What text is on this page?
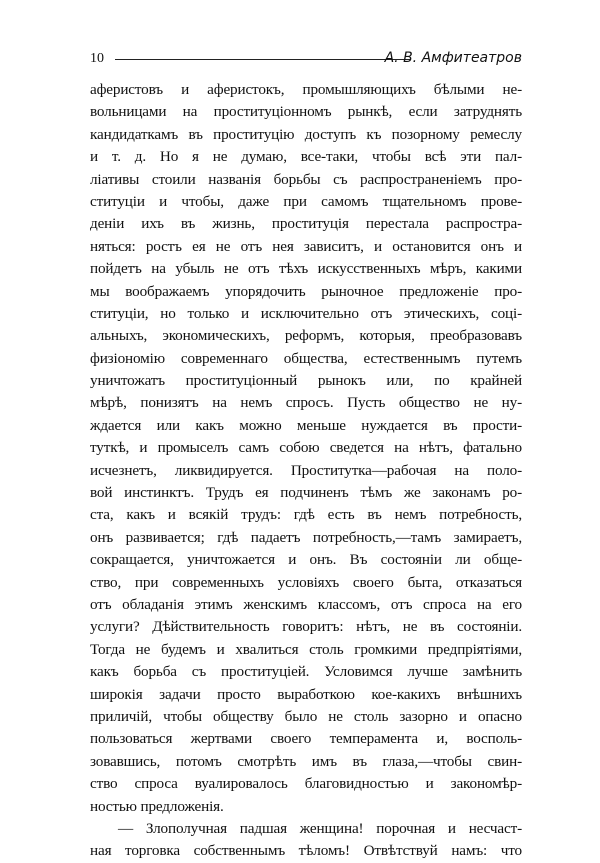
10	А. В. Амфитеатров
аферистовъ и аферистокъ, промышляющихъ бѣлыми не-
вольницами на проституціонномъ рынкѣ, если затруднять
кандидаткамъ въ проституцію доступъ къ позорному ремеслу
и т. д. Но я не думаю, все-таки, чтобы всѣ эти пал-
ліативы стоили названія борьбы съ распространеніемъ про-
ституціи и чтобы, даже при самомъ тщательномъ прове-
деніи ихъ въ жизнь, проституція перестала распростра-
няться: ростъ ея не отъ нея зависитъ, и остановится онъ и
пойдетъ на убыль не отъ тѣхъ искусственныхъ мѣръ, какими
мы воображаемъ упорядочить рыночное предложеніе про-
ституціи, но только и исключительно отъ этическихъ, соці-
альныхъ, экономическихъ, реформъ, которыя, преобразовавъ
физіономію современнаго общества, естественнымъ путемъ
уничтожатъ проституціонный рынокъ или, по крайней
мѣрѣ, понизятъ на немъ спросъ. Пусть общество не ну-
ждается или какъ можно меньше нуждается въ прости-
туткѣ, и промыселъ самъ собою сведется на нѣтъ, фатально
исчезнетъ, ликвидируется. Проститутка—рабочая на поло-
вой инстинктъ. Трудъ ея подчиненъ тѣмъ же законамъ ро-
ста, какъ и всякій трудъ: гдѣ есть въ немъ потребность,
онъ развивается; гдѣ падаетъ потребность,—тамъ замираетъ,
сокращается, уничтожается и онъ. Въ состояніи ли обще-
ство, при современныхъ условіяхъ своего быта, отказаться
отъ обладанія этимъ женскимъ классомъ, отъ спроса на его
услуги? Дѣйствительность говоритъ: нѣтъ, не въ состояніи.
Тогда не будемъ и хвалиться столь громкими предпріятіями,
какъ борьба съ проституціей. Условимся лучше замѣнить
широкія задачи просто выработкою кое-какихъ внѣшнихъ
приличій, чтобы обществу было не столь зазорно и опасно
пользоваться жертвами своего темперамента и, восполь-
зовавшись, потомъ смотрѣть имъ въ глаза,—чтобы свин-
ство спроса вуалировалось благовидностью и закономѣр-
ностью предложенія.
— Злополучная падшая женщина! порочная и несчаст-
ная торговка собственнымъ тѣломъ! Отвѣтствуй намъ: что
